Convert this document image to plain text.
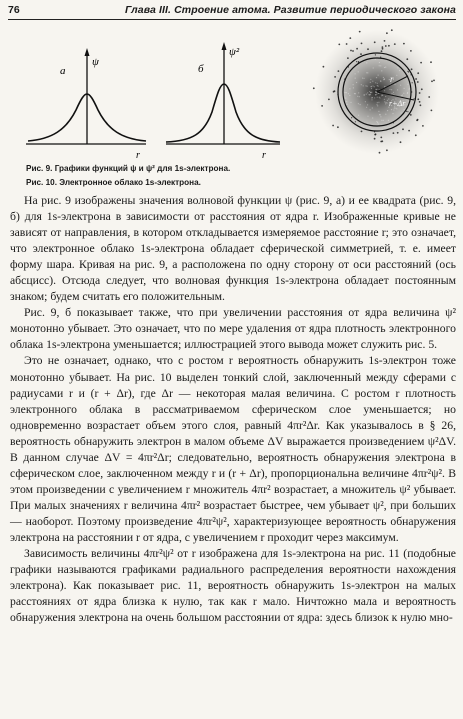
76	Глава III. Строение атома. Развитие периодического закона
а
ψ
r
б
ψ²
r
r
r+Δr
Рис. 9. Графики функций ψ и ψ² для 1s-электрона.
Рис. 10. Электронное облако 1s-электрона.

На рис. 9 изображены значения волновой функции ψ (рис. 9, а) и ее квадрата (рис. 9, б) для 1s-электрона в зависимости от расстояния от ядра r. Изображенные кривые не зависят от направления, в котором откладывается измеряемое расстояние r; это означает, что электронное облако 1s-электрона обладает сферической симметрией, т. е. имеет форму шара. Кривая на рис. 9, а расположена по одну сторону от оси расстояний (ось абсцисс). Отсюда следует, что волновая функция 1s-электрона обладает постоянным знаком; будем считать его положительным.

Рис. 9, б показывает также, что при увеличении расстояния от ядра величина ψ² монотонно убывает. Это означает, что по мере удаления от ядра плотность электронного облака 1s-электрона уменьшается; иллюстрацией этого вывода может служить рис. 5.

Это не означает, однако, что с ростом r вероятность обнаружить 1s-электрон тоже монотонно убывает. На рис. 10 выделен тонкий слой, заключенный между сферами с радиусами r и (r + Δr), где Δr — некоторая малая величина. С ростом r плотность электронного облака в рассматриваемом сферическом слое уменьшается; но одновременно возрастает объем этого слоя, равный 4πr²Δr. Как указывалось в § 26, вероятность обнаружить электрон в малом объеме ΔV выражается произведением ψ²ΔV. В данном случае ΔV = 4πr²Δr; следовательно, вероятность обнаружения электрона в сферическом слое, заключенном между r и (r + Δr), пропорциональна величине 4πr²ψ². В этом произведении с увеличением r множитель 4πr² возрастает, а множитель ψ² убывает. При малых значениях r величина 4πr² возрастает быстрее, чем убывает ψ², при больших — наоборот. Поэтому произведение 4πr²ψ², характеризующее вероятность обнаружения электрона на расстоянии r от ядра, с увеличением r проходит через максимум.

Зависимость величины 4πr²ψ² от r изображена для 1s-электрона на рис. 11 (подобные графики называются графиками радиального распределения вероятности нахождения электрона). Как показывает рис. 11, вероятность обнаружить 1s-электрон на малых расстояниях от ядра близка к нулю, так как r мало. Ничтожно мала и вероятность обнаружения электрона на очень большом расстоянии от ядра: здесь близок к нулю мно-
